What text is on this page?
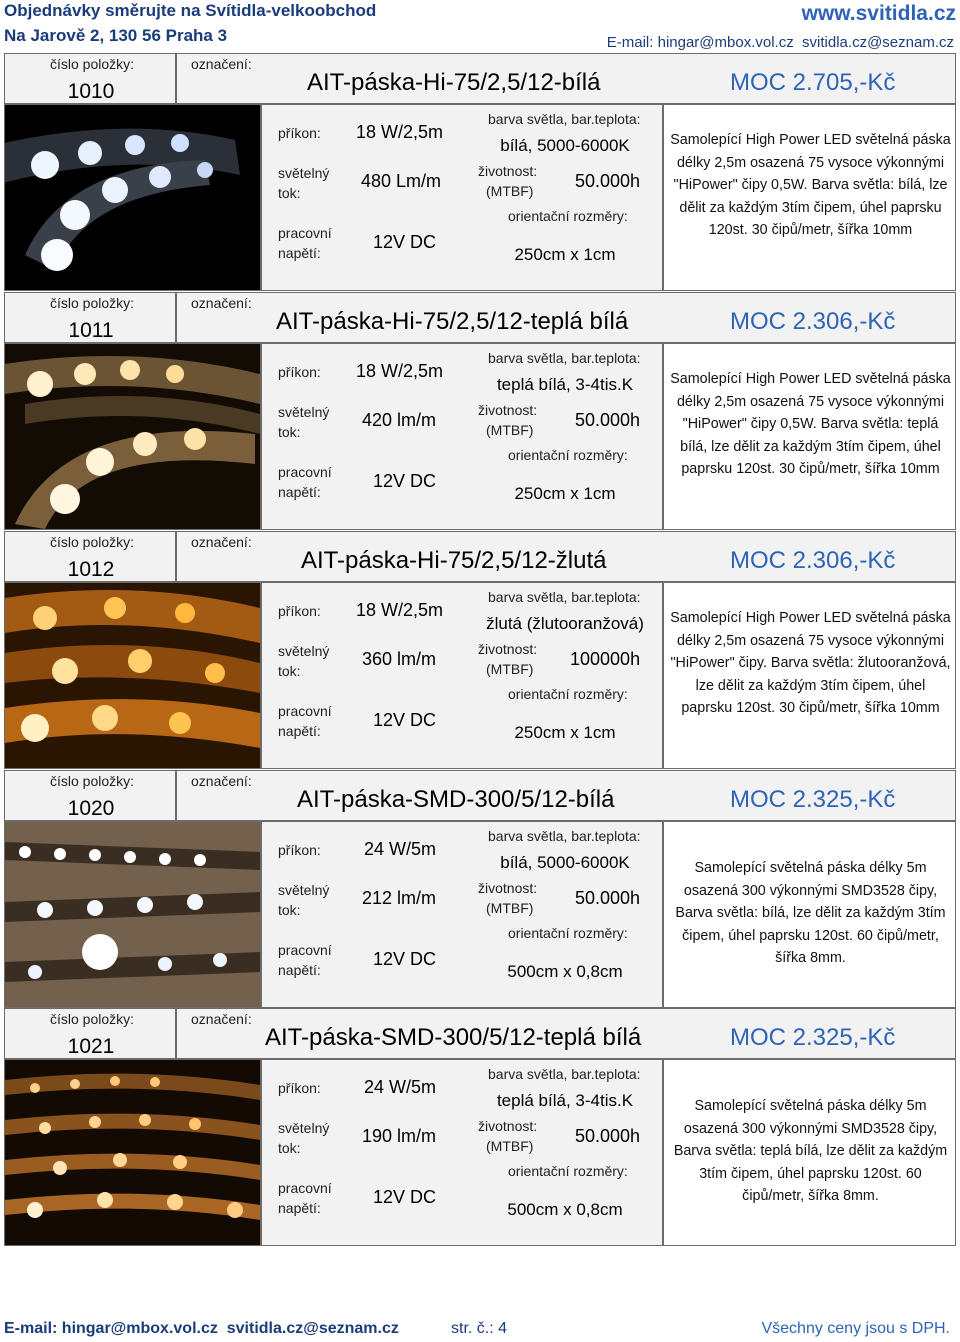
Objednávky směrujte na Svítidla-velkoobchod
Na Jarově 2, 130 56 Praha 3
www.svitidla.cz
E-mail: hingar@mbox.vol.cz  svitidla.cz@seznam.cz
číslo položky:
1010
označení:
AIT-páska-Hi-75/2,5/12-bílá	MOC 2.705,-Kč
příkon: 18 W/2,5m
světelný
tok:
480 Lm/m
pracovní
napětí:
12V DC
barva světla, bar.teplota:
bílá, 5000-6000K
životnost:
(MTBF) 50.000h
orientační rozměry:
250cm x 1cm
Samolepící High Power LED světelná páska délky 2,5m osazená 75 vysoce výkonnými "HiPower" čipy 0,5W. Barva světla: bílá, lze dělit za každým 3tím čipem, úhel paprsku 120st. 30 čipů/metr, šířka 10mm
číslo položky:
1011
označení:
AIT-páska-Hi-75/2,5/12-teplá bílá	MOC 2.306,-Kč
příkon: 18 W/2,5m
světelný
tok:
420 lm/m
pracovní
napětí:
12V DC
barva světla, bar.teplota:
teplá bílá, 3-4tis.K
životnost:
(MTBF) 50.000h
orientační rozměry:
250cm x 1cm
Samolepící High Power LED světelná páska délky 2,5m osazená 75 vysoce výkonnými "HiPower" čipy 0,5W. Barva světla: teplá bílá, lze dělit za každým 3tím čipem, úhel paprsku 120st. 30 čipů/metr, šířka 10mm
číslo položky:
1012
označení:
AIT-páska-Hi-75/2,5/12-žlutá	MOC 2.306,-Kč
příkon: 18 W/2,5m
světelný
tok:
360 lm/m
pracovní
napětí:
12V DC
barva světla, bar.teplota:
žlutá (žlutooranžová)
životnost:
(MTBF) 100000h
orientační rozměry:
250cm x 1cm
Samolepící High Power LED světelná páska délky 2,5m osazená 75 vysoce výkonnými "HiPower" čipy. Barva světla: žlutooranžová, lze dělit za každým 3tím čipem, úhel paprsku 120st. 30 čipů/metr, šířka 10mm
číslo položky:
1020
označení:
AIT-páska-SMD-300/5/12-bílá	MOC 2.325,-Kč
příkon: 24 W/5m
světelný
tok:
212 lm/m
pracovní
napětí:
12V DC
barva světla, bar.teplota:
bílá, 5000-6000K
životnost:
(MTBF) 50.000h
orientační rozměry:
500cm x 0,8cm
Samolepící světelná páska délky 5m osazená 300 výkonnými SMD3528 čipy, Barva světla: bílá, lze dělit za každým 3tím čipem, úhel paprsku 120st. 60 čipů/metr, šířka 8mm.
číslo položky:
1021
označení:
AIT-páska-SMD-300/5/12-teplá bílá	MOC 2.325,-Kč
příkon: 24 W/5m
světelný
tok:
190 lm/m
pracovní
napětí:
12V DC
barva světla, bar.teplota:
teplá bílá, 3-4tis.K
životnost:
(MTBF) 50.000h
orientační rozměry:
500cm x 0,8cm
Samolepící světelná páska délky 5m osazená 300 výkonnými SMD3528 čipy, Barva světla: teplá bílá, lze dělit za každým 3tím čipem, úhel paprsku 120st. 60 čipů/metr, šířka 8mm.
E-mail: hingar@mbox.vol.cz  svitidla.cz@seznam.cz	str. č.: 4	Všechny ceny jsou s DPH.
